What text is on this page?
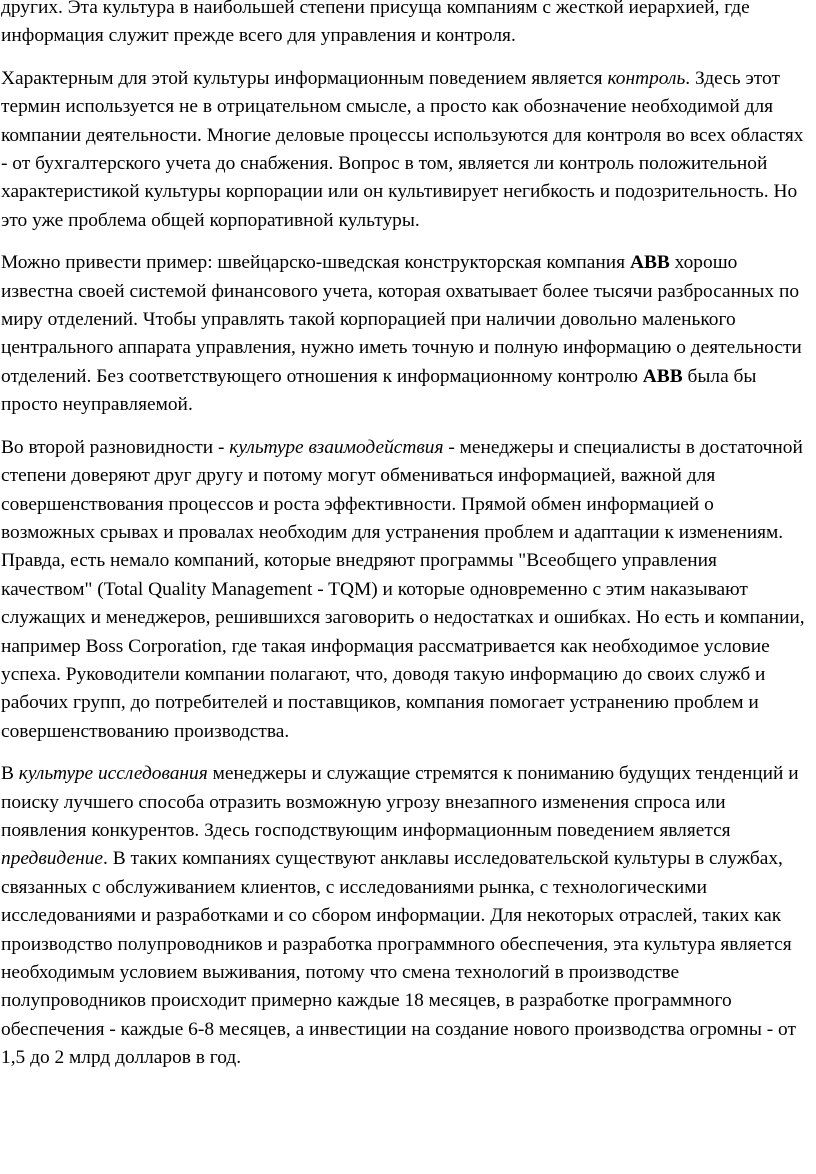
других. Эта культура в наибольшей степени присуща компаниям с жесткой иерархией, где информация служит прежде всего для управления и контроля.

Характерным для этой культуры информационным поведением является контроль. Здесь этот термин используется не в отрицательном смысле, а просто как обозначение необходимой для компании деятельности. Многие деловые процессы используются для контроля во всех областях - от бухгалтерского учета до снабжения. Вопрос в том, является ли контроль положительной характеристикой культуры корпорации или он культивирует негибкость и подозрительность. Но это уже проблема общей корпоративной культуры.

Можно привести пример: швейцарско-шведская конструкторская компания ABB хорошо известна своей системой финансового учета, которая охватывает более тысячи разбросанных по миру отделений. Чтобы управлять такой корпорацией при наличии довольно маленького центрального аппарата управления, нужно иметь точную и полную информацию о деятельности отделений. Без соответствующего отношения к информационному контролю ABB была бы просто неуправляемой.

Во второй разновидности - культуре взаимодействия - менеджеры и специалисты в достаточной степени доверяют друг другу и потому могут обмениваться информацией, важной для совершенствования процессов и роста эффективности. Прямой обмен информацией о возможных срывах и провалах необходим для устранения проблем и адаптации к изменениям. Правда, есть немало компаний, которые внедряют программы "Всеобщего управления качеством" (Total Quality Management - TQM) и которые одновременно с этим наказывают служащих и менеджеров, решившихся заговорить о недостатках и ошибках. Но есть и компании, например Boss Corporation, где такая информация рассматривается как необходимое условие успеха. Руководители компании полагают, что, доводя такую информацию до своих служб и рабочих групп, до потребителей и поставщиков, компания помогает устранению проблем и совершенствованию производства.

В культуре исследования менеджеры и служащие стремятся к пониманию будущих тенденций и поиску лучшего способа отразить возможную угрозу внезапного изменения спроса или появления конкурентов. Здесь господствующим информационным поведением является предвидение. В таких компаниях существуют анклавы исследовательской культуры в службах, связанных с обслуживанием клиентов, с исследованиями рынка, с технологическими исследованиями и разработками и со сбором информации. Для некоторых отраслей, таких как производство полупроводников и разработка программного обеспечения, эта культура является необходимым условием выживания, потому что смена технологий в производстве полупроводников происходит примерно каждые 18 месяцев, в разработке программного обеспечения - каждые 6-8 месяцев, а инвестиции на создание нового производства огромны - от 1,5 до 2 млрд долларов в год.
